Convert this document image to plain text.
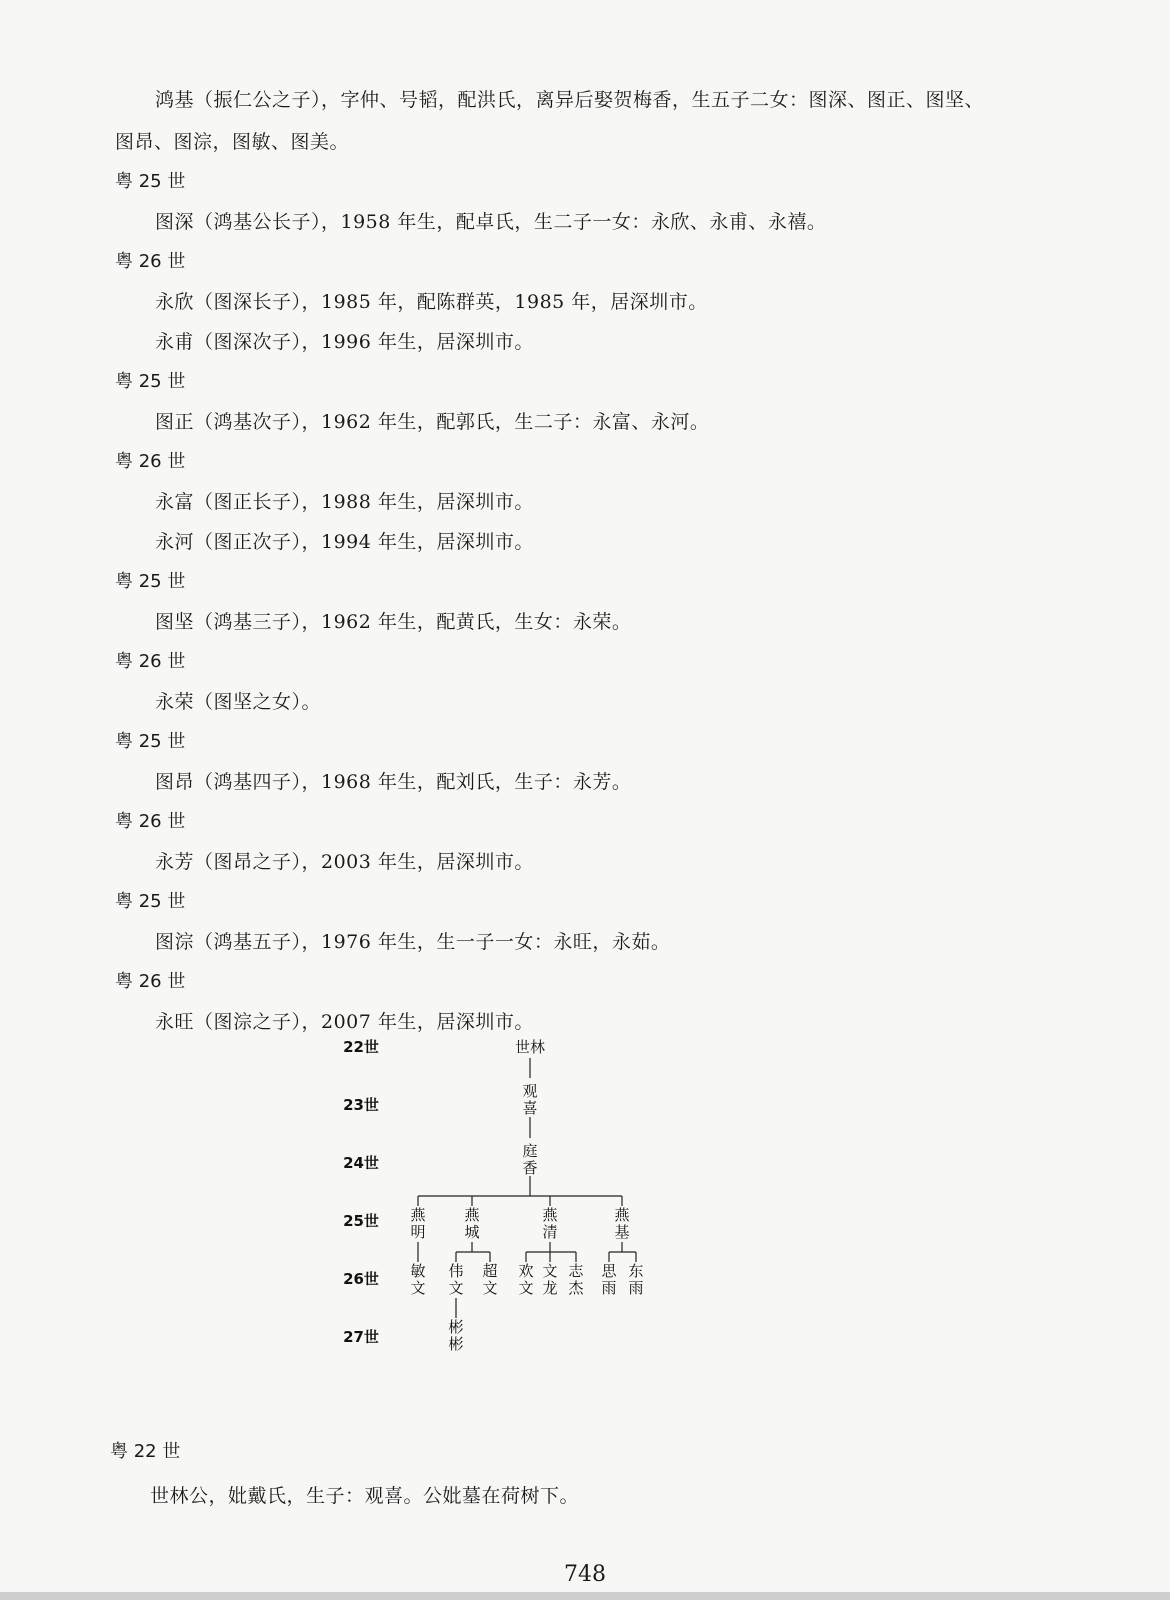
鸿基（振仁公之子），字仲、号韬，配洪氏，离异后娶贺梅香，生五子二女：图深、图正、图坚、
图昂、图淙，图敏、图美。
粤 25 世
图深（鸿基公长子），1958 年生，配卓氏，生二子一女：永欣、永甫、永禧。
粤 26 世
永欣（图深长子），1985 年，配陈群英，1985 年，居深圳市。
永甫（图深次子），1996 年生，居深圳市。
粤 25 世
图正（鸿基次子），1962 年生，配郭氏，生二子：永富、永河。
粤 26 世
永富（图正长子），1988 年生，居深圳市。
永河（图正次子），1994 年生，居深圳市。
粤 25 世
图坚（鸿基三子），1962 年生，配黄氏，生女：永荣。
粤 26 世
永荣（图坚之女）。
粤 25 世
图昂（鸿基四子），1968 年生，配刘氏，生子：永芳。
粤 26 世
永芳（图昂之子），2003 年生，居深圳市。
粤 25 世
图淙（鸿基五子），1976 年生，生一子一女：永旺，永茹。
粤 26 世
永旺（图淙之子），2007 年生，居深圳市。
22世
23世
24世
25世
26世
27世
世林
观
喜
庭
香
燕
明
燕
城
燕
清
燕
基
敏
文
伟
文
超
文
彬
彬
欢
文
文
龙
志
杰
思
雨
东
雨
粤 22 世
世林公，妣戴氏，生子：观喜。公妣墓在荷树下。
748
